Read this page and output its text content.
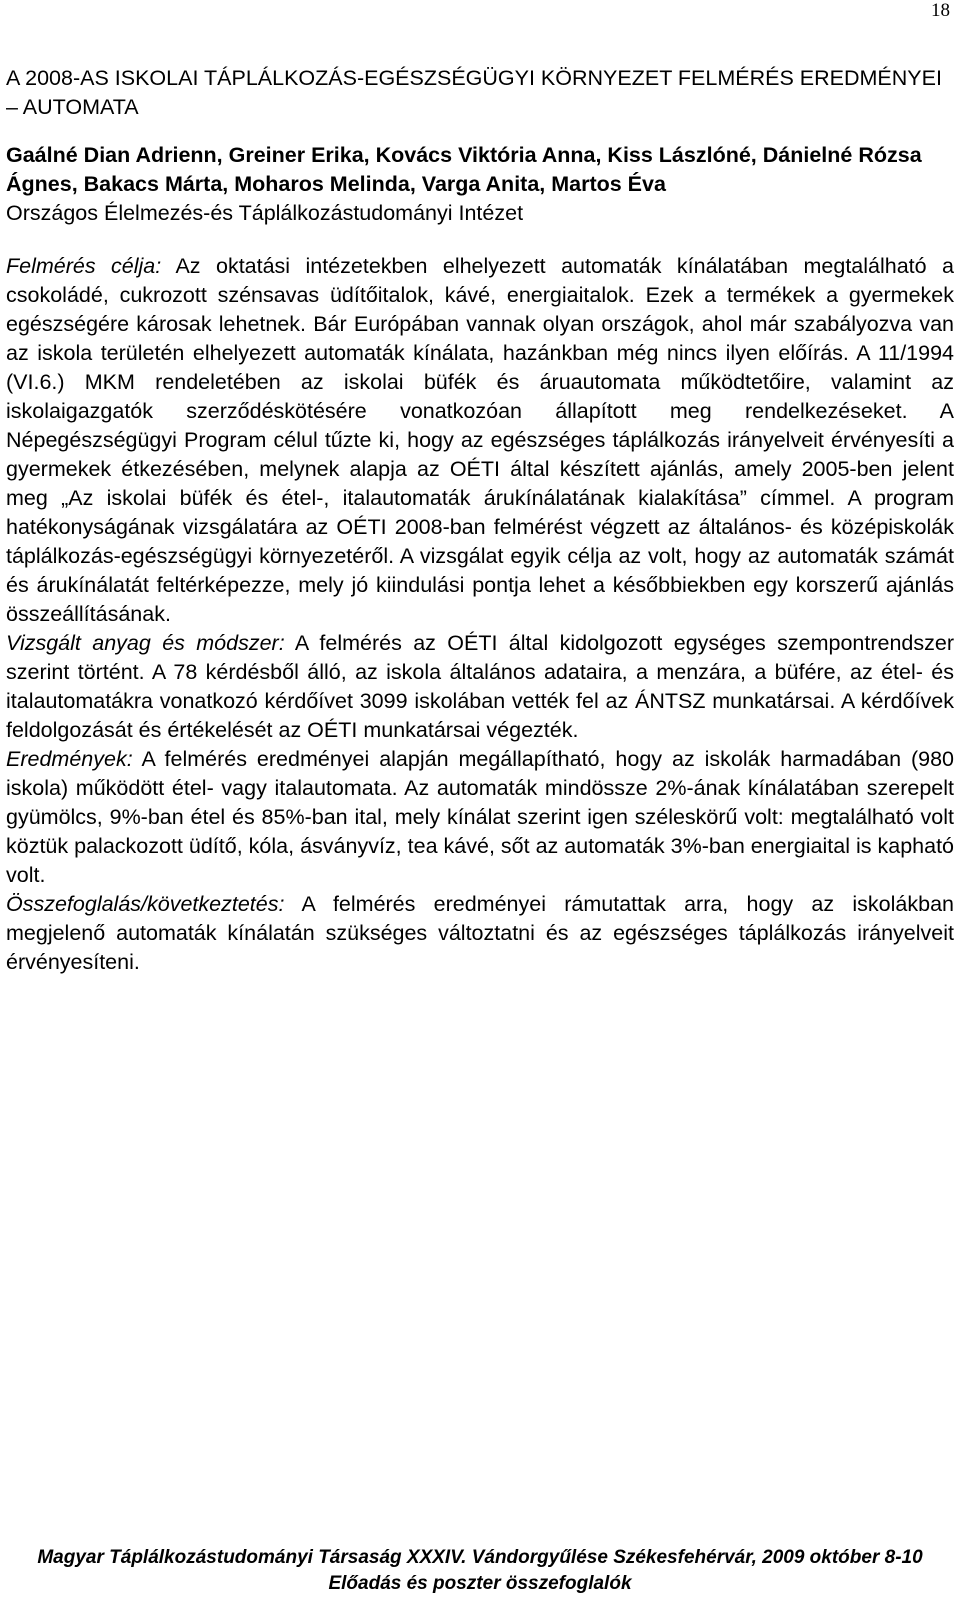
18
A 2008-AS ISKOLAI TÁPLÁLKOZÁS-EGÉSZSÉGÜGYI KÖRNYEZET FELMÉRÉS EREDMÉNYEI – AUTOMATA

Gaálné Dian Adrienn, Greiner Erika, Kovács Viktória Anna, Kiss Lászlóné, Dánielné Rózsa Ágnes, Bakacs Márta, Moharos Melinda, Varga Anita, Martos Éva

Országos Élelmezés-és Táplálkozástudományi Intézet

Felmérés célja: Az oktatási intézetekben elhelyezett automaták kínálatában megtalálható a csokoládé, cukrozott szénsavas üdítőitalok, kávé, energiaitalok. Ezek a termékek a gyermekek egészségére károsak lehetnek. Bár Európában vannak olyan országok, ahol már szabályozva van az iskola területén elhelyezett automaták kínálata, hazánkban még nincs ilyen előírás. A 11/1994 (VI.6.) MKM rendeletében az iskolai büfék és áruautomata működtetőire, valamint az iskolaigazgatók szerződéskötésére vonatkozóan állapított meg rendelkezéseket. A Népegészségügyi Program célul tűzte ki, hogy az egészséges táplálkozás irányelveit érvényesíti a gyermekek étkezésében, melynek alapja az OÉTI által készített ajánlás, amely 2005-ben jelent meg „Az iskolai büfék és étel-, italautomaták árukínálatának kialakítása” címmel. A program hatékonyságának vizsgálatára az OÉTI 2008-ban felmérést végzett az általános- és középiskolák táplálkozás-egészségügyi környezetéről. A vizsgálat egyik célja az volt, hogy az automaták számát és árukínálatát feltérképezze, mely jó kiindulási pontja lehet a későbbiekben egy korszerű ajánlás összeállításának.

Vizsgált anyag és módszer: A felmérés az OÉTI által kidolgozott egységes szempontrendszer szerint történt. A 78 kérdésből álló, az iskola általános adataira, a menzára, a büfére, az étel- és italautomatákra vonatkozó kérdőívet 3099 iskolában vették fel az ÁNTSZ munkatársai. A kérdőívek feldolgozását és értékelését az OÉTI munkatársai végezték.

Eredmények: A felmérés eredményei alapján megállapítható, hogy az iskolák harmadában (980 iskola) működött étel- vagy italautomata. Az automaták mindössze 2%-ának kínálatában szerepelt gyümölcs, 9%-ban étel és 85%-ban ital, mely kínálat szerint igen széleskörű volt: megtalálható volt köztük palackozott üdítő, kóla, ásványvíz, tea kávé, sőt az automaták 3%-ban energiaital is kapható volt.

Összefoglalás/következtetés: A felmérés eredményei rámutattak arra, hogy az iskolákban megjelenő automaták kínálatán szükséges változtatni és az egészséges táplálkozás irányelveit érvényesíteni.

Magyar Táplálkozástudományi Társaság XXXIV. Vándorgyűlése Székesfehérvár, 2009 október 8-10
Előadás és poszter összefoglalók
